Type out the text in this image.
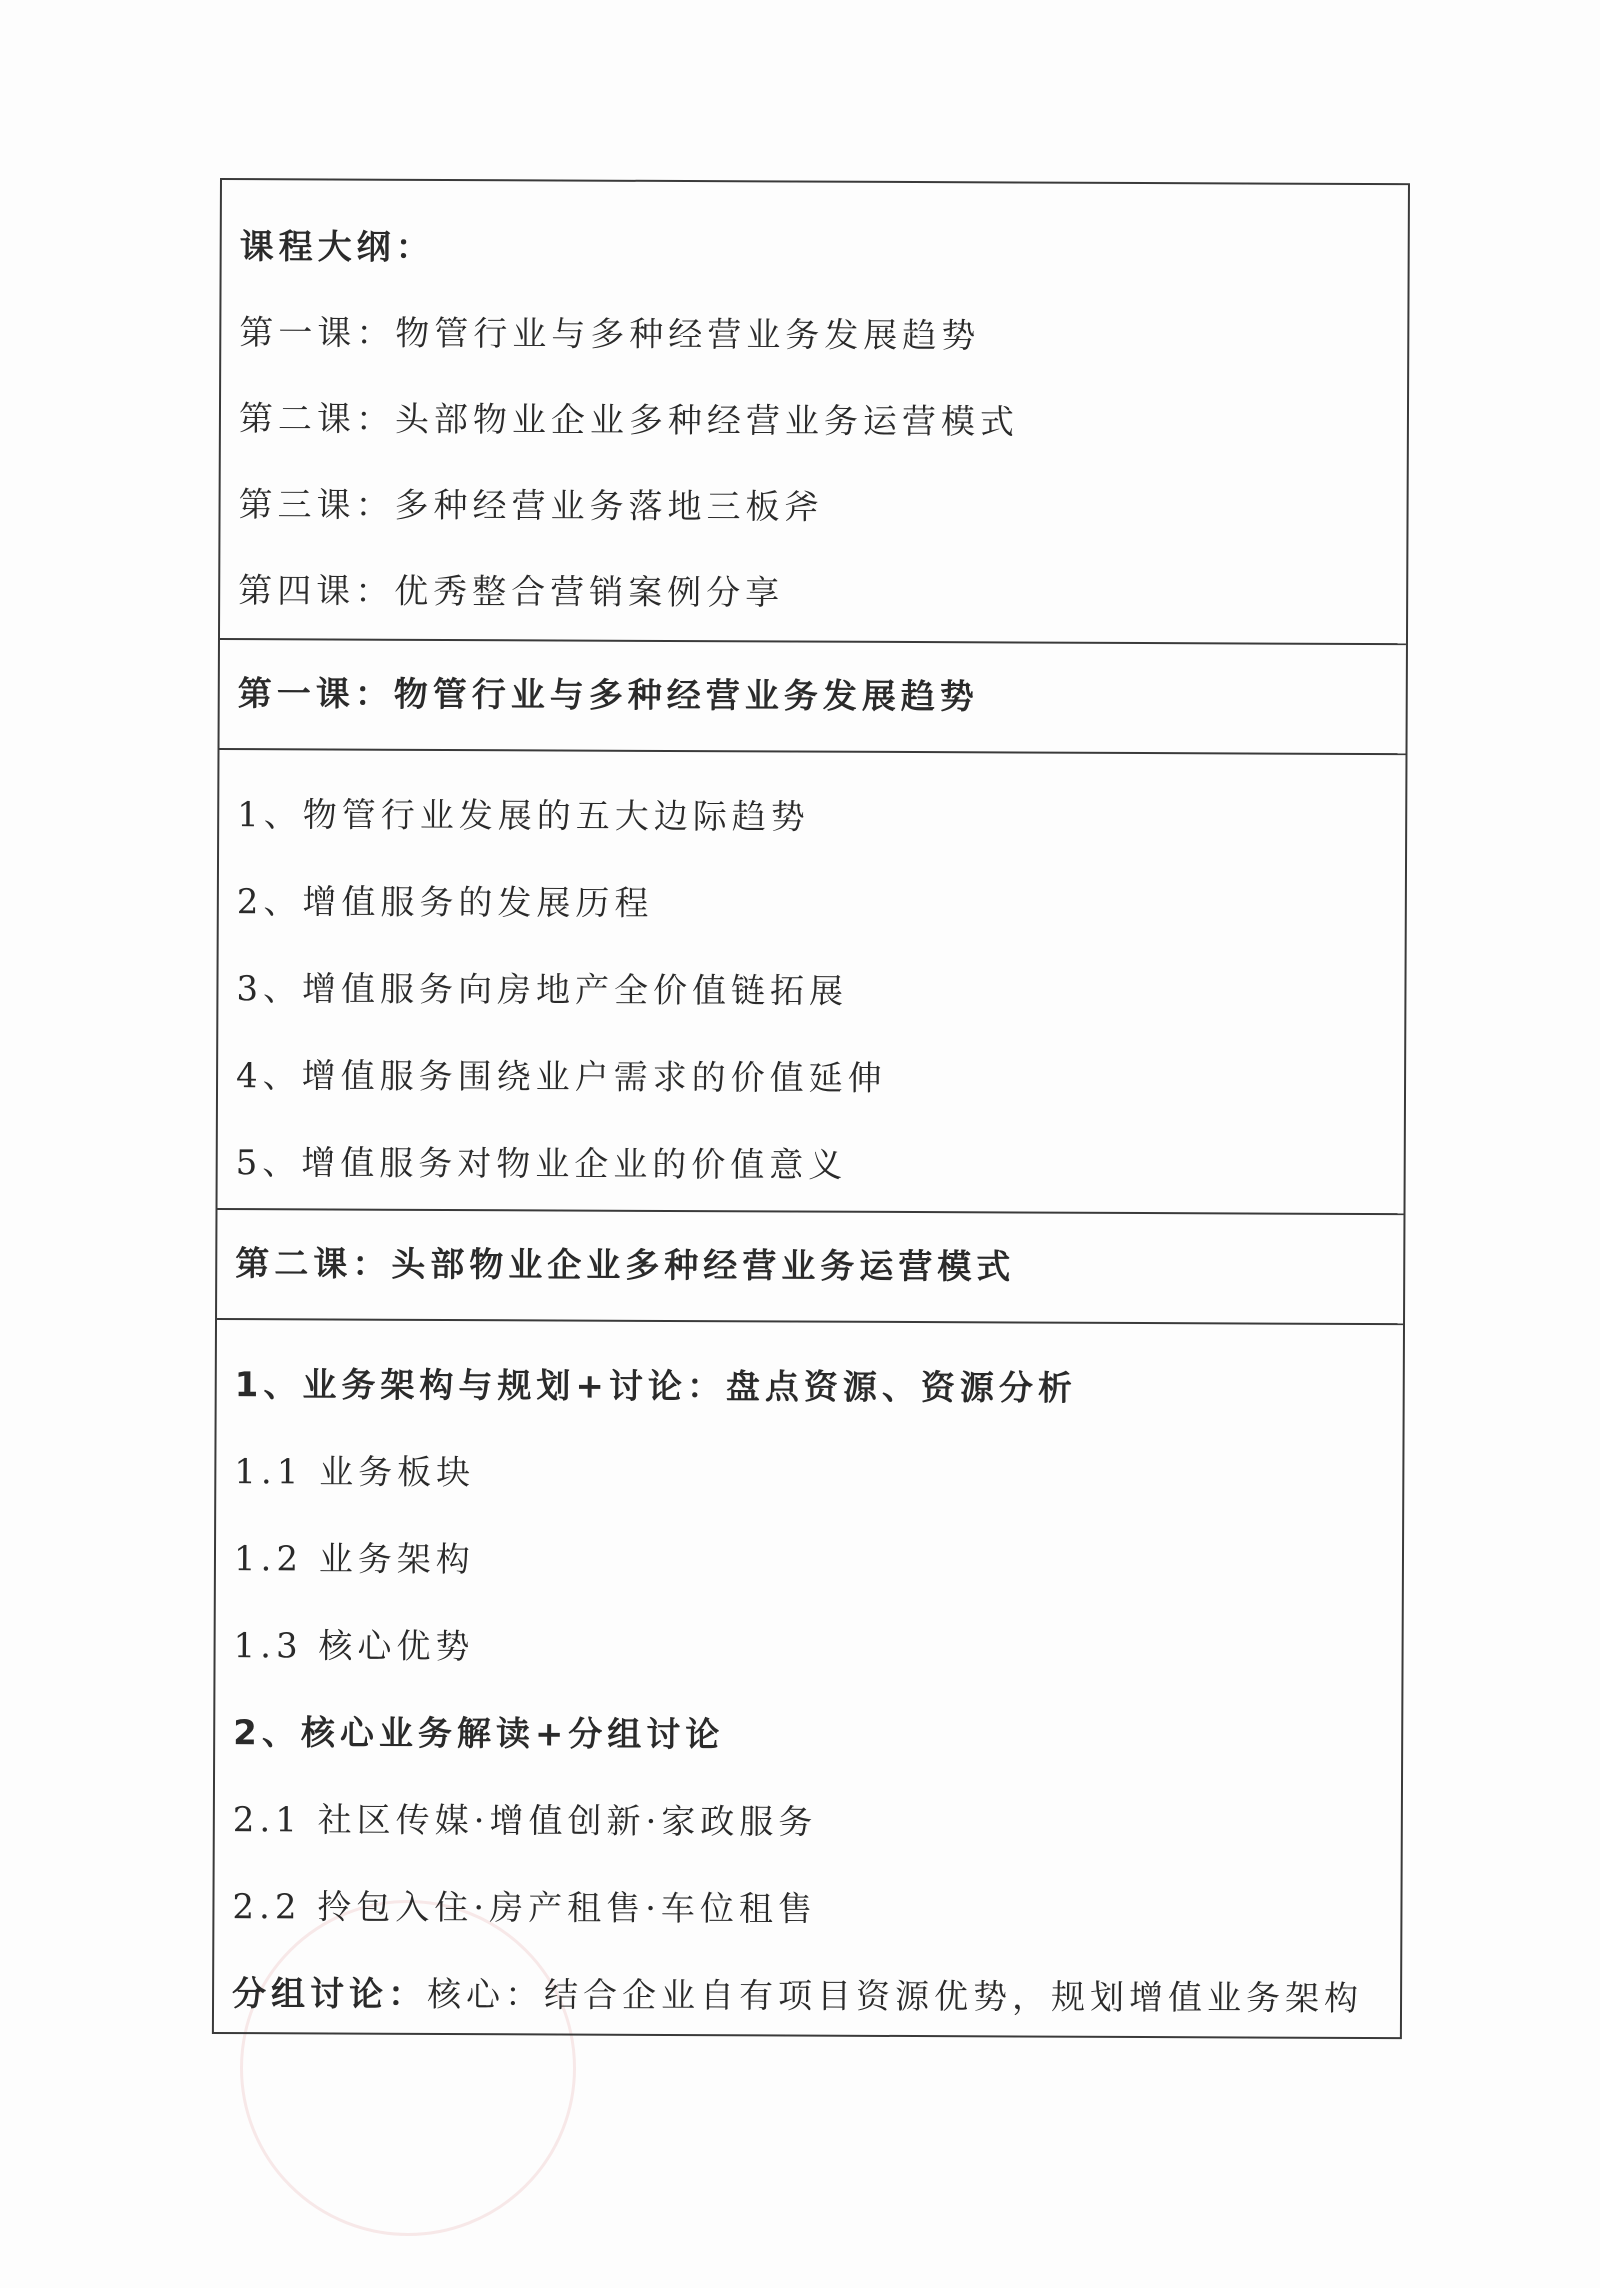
课程大纲：
第一课：物管行业与多种经营业务发展趋势
第二课：头部物业企业多种经营业务运营模式
第三课：多种经营业务落地三板斧
第四课：优秀整合营销案例分享
第一课：物管行业与多种经营业务发展趋势
1、物管行业发展的五大边际趋势
2、增值服务的发展历程
3、增值服务向房地产全价值链拓展
4、增值服务围绕业户需求的价值延伸
5、增值服务对物业企业的价值意义
第二课：头部物业企业多种经营业务运营模式
1、业务架构与规划+讨论：盘点资源、资源分析
1.1 业务板块
1.2 业务架构
1.3 核心优势
2、核心业务解读+分组讨论
2.1 社区传媒·增值创新·家政服务
2.2 拎包入住·房产租售·车位租售
分组讨论：核心：结合企业自有项目资源优势，规划增值业务架构
